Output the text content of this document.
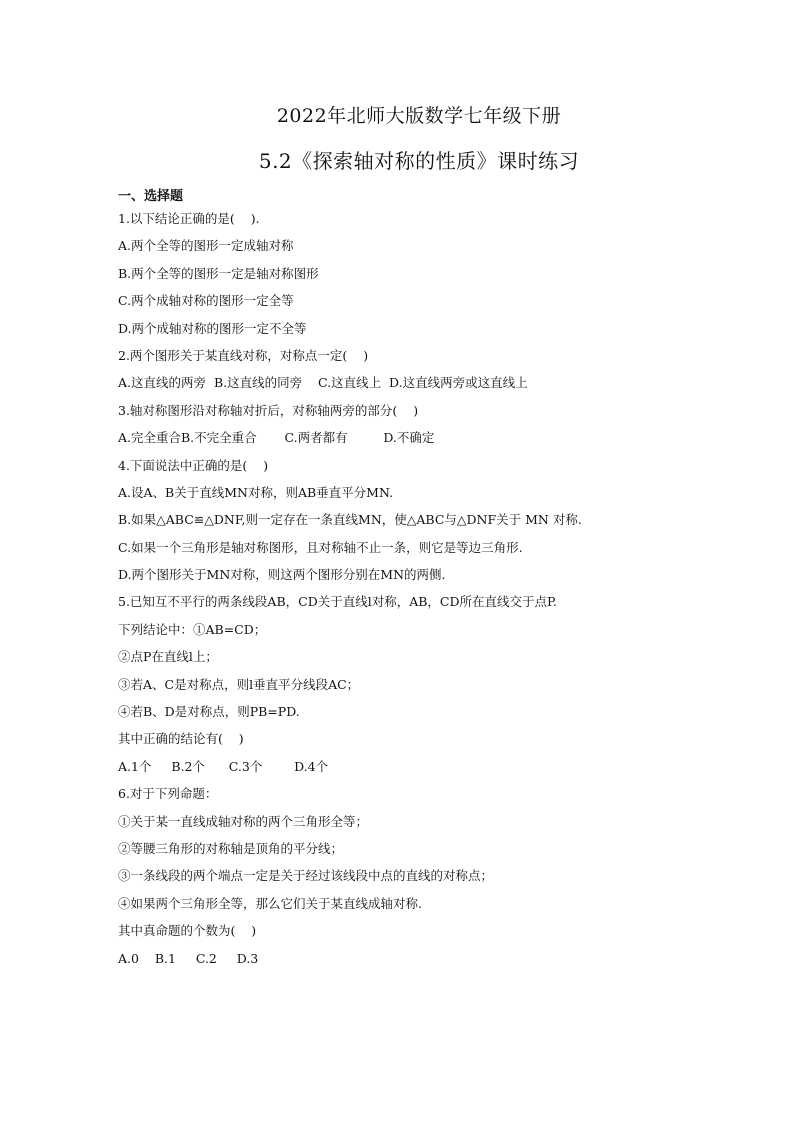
2022年北师大版数学七年级下册
5.2《探索轴对称的性质》课时练习
一、选择题
1.以下结论正确的是(    ).
A.两个全等的图形一定成轴对称
B.两个全等的图形一定是轴对称图形
C.两个成轴对称的图形一定全等
D.两个成轴对称的图形一定不全等
2.两个图形关于某直线对称，对称点一定(    )
A.这直线的两旁  B.这直线的同旁    C.这直线上  D.这直线两旁或这直线上
3.轴对称图形沿对称轴对折后，对称轴两旁的部分(    )
A.完全重合B.不完全重合       C.两者都有         D.不确定
4.下面说法中正确的是(    )
A.设A、B关于直线MN对称，则AB垂直平分MN.
B.如果△ABC≌△DNF,则一定存在一条直线MN，使△ABC与△DNF关于 MN 对称.
C.如果一个三角形是轴对称图形，且对称轴不止一条，则它是等边三角形.
D.两个图形关于MN对称，则这两个图形分别在MN的两侧.
5.已知互不平行的两条线段AB，CD关于直线l对称，AB，CD所在直线交于点P.
下列结论中：①AB=CD；
②点P在直线l上；
③若A、C是对称点，则l垂直平分线段AC；
④若B、D是对称点，则PB=PD.
其中正确的结论有(    )
A.1个     B.2个      C.3个        D.4个
6.对于下列命题：
①关于某一直线成轴对称的两个三角形全等；
②等腰三角形的对称轴是顶角的平分线；
③一条线段的两个端点一定是关于经过该线段中点的直线的对称点；
④如果两个三角形全等，那么它们关于某直线成轴对称.
其中真命题的个数为(    )
A.0    B.1     C.2     D.3
